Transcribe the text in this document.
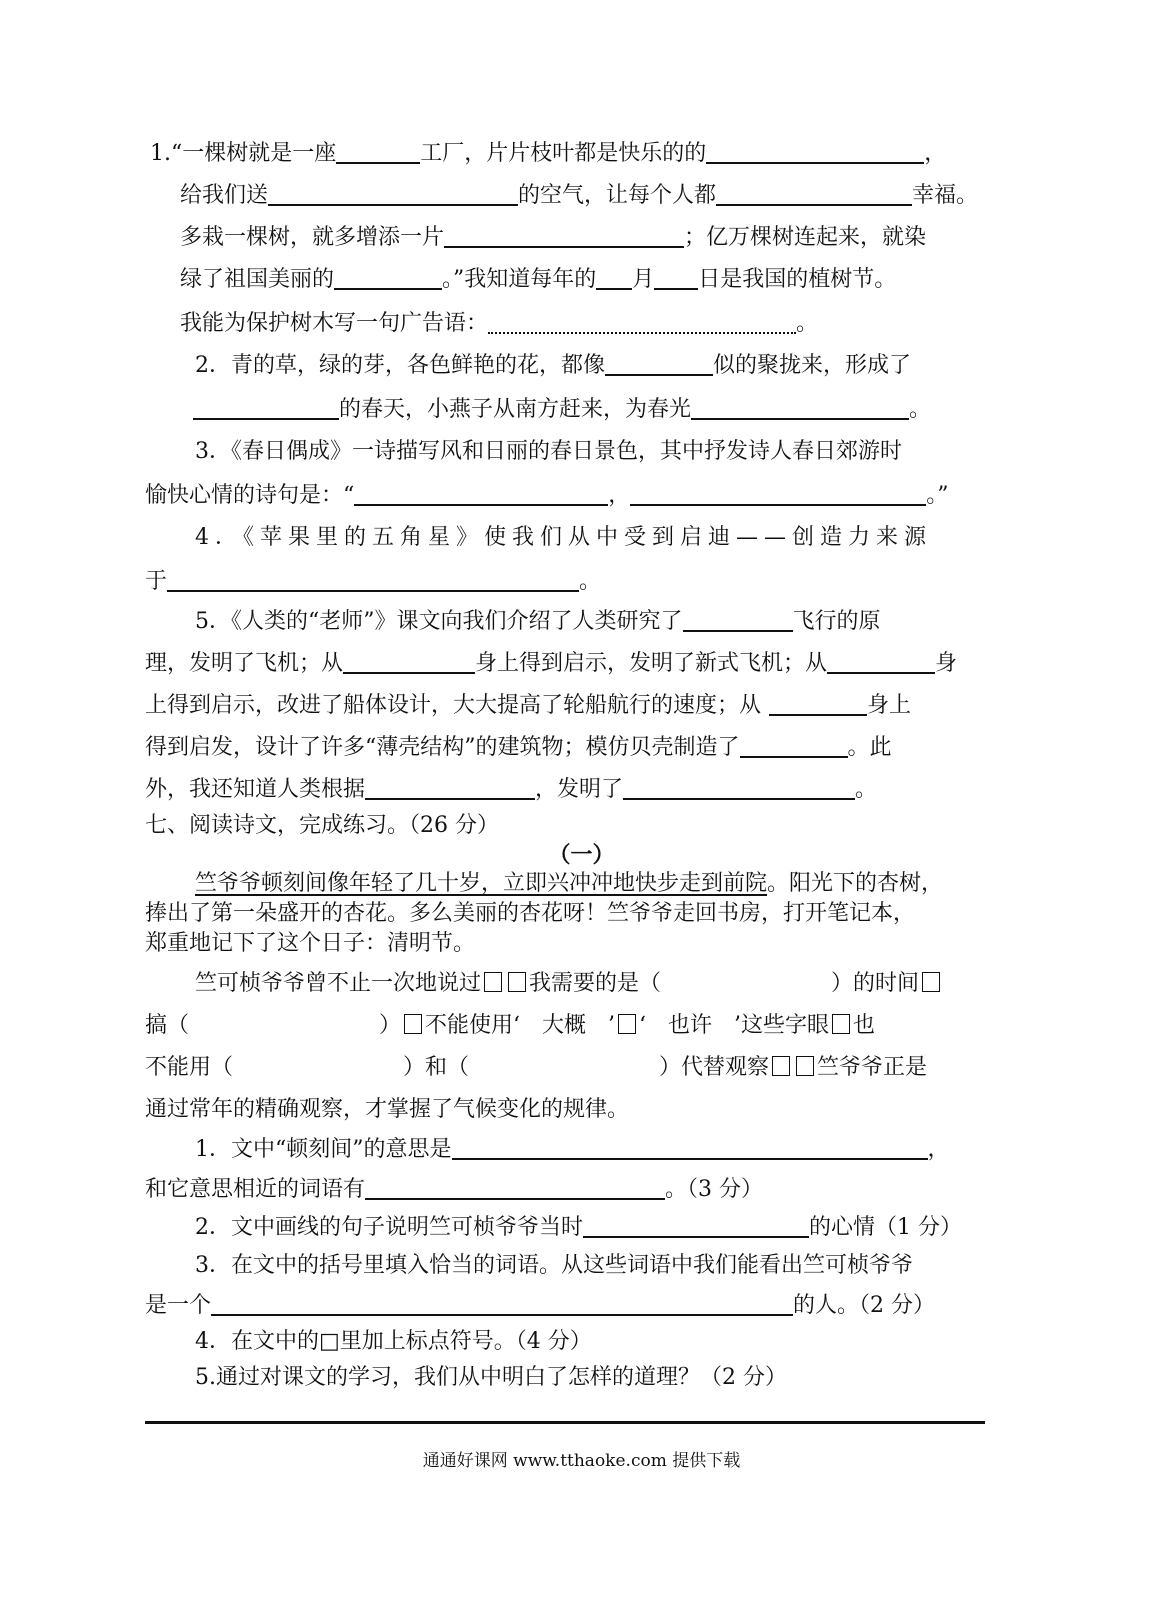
1.“一棵树就是一座	工厂，片片枝叶都是快乐的的	，
给我们送	的空气，让每个人都	幸福。
多栽一棵树，就多增添一片	；亿万棵树连起来，就染
绿了祖国美丽的	。”我知道每年的 月 日是我国的植树节。
我能为保护树木写一句广告语：	。
2．青的草，绿的芽，各色鲜艳的花，都像	似的聚拢来，形成了
的春天，小燕子从南方赶来，为春光	。
3．《春日偶成》一诗描写风和日丽的春日景色，其中抒发诗人春日郊游时
愉快心情的诗句是：“	，	。”
4．《苹果里的五角星》使我们从中受到启迪——创造力来源
于	。
5．《人类的“老师”》课文向我们介绍了人类研究了	飞行的原
理，发明了飞机；从	身上得到启示，发明了新式飞机；从	身
上得到启示，改进了船体设计，大大提高了轮船航行的速度；从	身上
得到启发，设计了许多“薄壳结构”的建筑物；模仿贝壳制造了	。此
外，我还知道人类根据	，发明了	。
七、阅读诗文，完成练习。（26 分）
（一）
竺爷爷顿刻间像年轻了几十岁，立即兴冲冲地快步走到前院。阳光下的杏树，
捧出了第一朵盛开的杏花。多么美丽的杏花呀！竺爷爷走回书房，打开笔记本，
郑重地记下了这个日子：清明节。
竺可桢爷爷曾不止一次地说过 我需要的是（	）的时间
搞（	） 不能使用‘　大概　’ ‘　也许　’这些字眼 也
不能用（	）和（	）代替观察 竺爷爷正是
通过常年的精确观察，才掌握了气候变化的规律。
1．文中“顿刻间”的意思是	，
和它意思相近的词语有	。（3 分）
2．文中画线的句子说明竺可桢爷爷当时	的心情（1 分）
3．在文中的括号里填入恰当的词语。从这些词语中我们能看出竺可桢爷爷
是一个	的人。（2 分）
4．在文中的□里加上标点符号。（4 分）
5.通过对课文的学习，我们从中明白了怎样的道理？（2 分）
通通好课网 www.tthaoke.com 提供下载
